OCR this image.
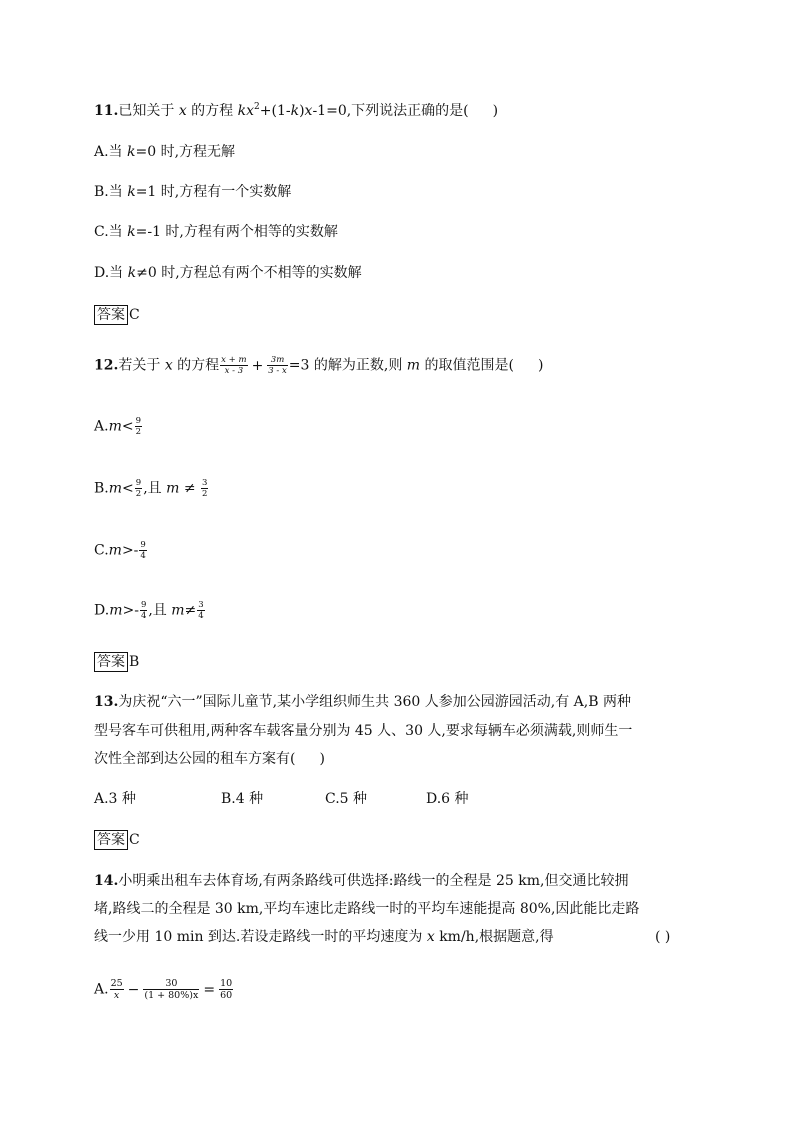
11.已知关于 x 的方程 $kx^2+(1-k)x-1=0$,下列说法正确的是( )
A.当 k=0 时,方程无解
B.当 k=1 时,方程有一个实数解
C.当 k=-1 时,方程有两个相等的实数解
D.当 k≠0 时,方程总有两个不相等的实数解
答案 C
12.若关于 x 的方程 $\frac{x + m}{x - 3} + \frac{3m}{3 - x} =3$ 的解为正数,则 m 的取值范围是( )
$A.m< \frac{9}{2}$
$B.m< \frac{9}{2}$ ,且 $m \ne \frac{3}{2}$
$C.m>- \frac{9}{4}$
$D.m>- \frac{9}{4}$ ,且 $m\ne \frac{3}{4}$
答案 B
13.为庆祝“六一”国际儿童节,某小学组织师生共 360 人参加公园游园活动,有 A,B 两种
型号客车可供租用,两种客车载客量分别为 45 人、30 人,要求每辆车必须满载,则师生一
次性全部到达公园的租车方案有( )
A.3 种	B.4 种	C.5 种	D.6 种
答案 C
14.小明乘出租车去体育场,有两条路线可供选择:路线一的全程是 25 km,但交通比较拥
堵,路线二的全程是 30 km,平均车速比走路线一时的平均车速能提高 80%,因此能比走路
线一少用 10 min 到达.若设走路线一时的平均速度为 x km/h,根据题意,得	( )
A. $\frac{25}{x} - \frac{30}{(1 + 80\%)x} = \frac{10}{60}$
